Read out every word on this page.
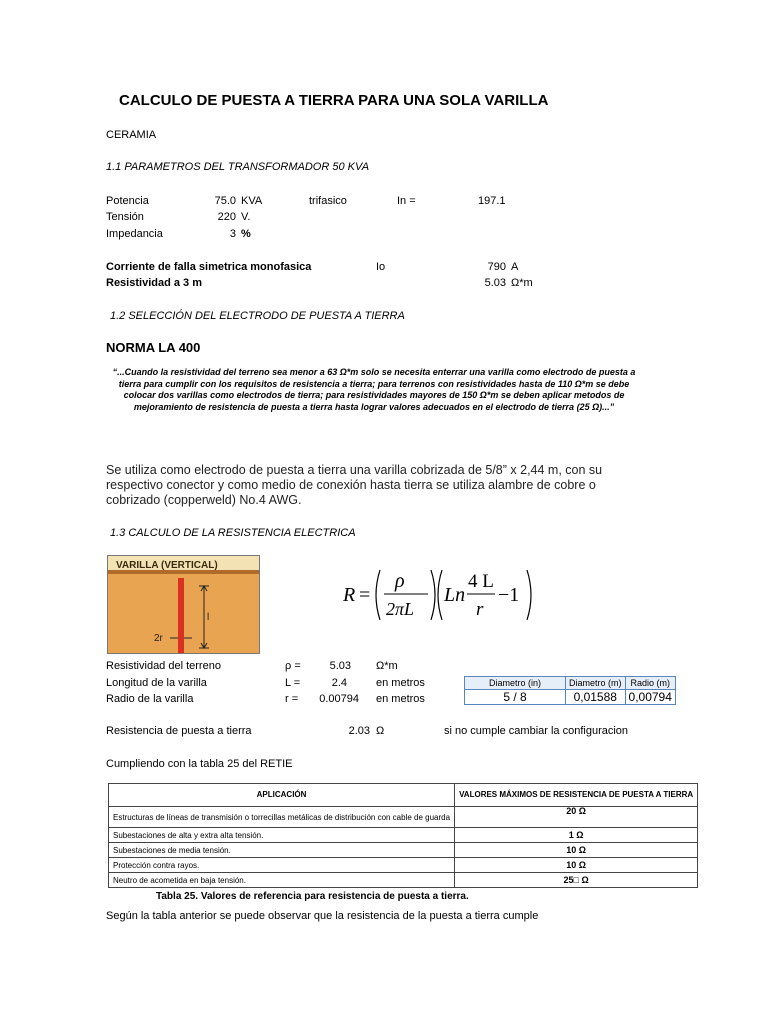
CALCULO DE PUESTA A TIERRA PARA UNA SOLA VARILLA
CERAMIA
1.1 PARAMETROS DEL TRANSFORMADOR 50 KVA
Potencia	75.0 KVA	trifasico	In =	197.1
Tensión	220 V.
Impedancia	3 %
Corriente de falla simetrica monofasica	Io	790 A
Resistividad a 3 m	5.03 Ω*m
1.2 SELECCIÓN DEL ELECTRODO DE PUESTA A TIERRA
NORMA LA 400
“...Cuando la resistividad del terreno sea menor a 63 Ω*m solo se necesita enterrar una varilla como electrodo de puesta a tierra para cumplir con los requisitos de resistencia a tierra; para terrenos con resistividades hasta de 110 Ω*m se debe colocar dos varillas como electrodos de tierra; para resistividades mayores de 150 Ω*m se deben aplicar metodos de mejoramiento de resistencia de puesta a tierra hasta lograr valores adecuados en el electrodo de tierra (25 Ω)...”
Se utiliza como electrodo de puesta a tierra una varilla cobrizada de 5/8” x 2,44 m, con su respectivo conector y como medio de conexión hasta tierra se utiliza alambre de cobre o cobrizado (copperweld) No.4 AWG.
1.3 CALCULO DE LA RESISTENCIA ELECTRICA
VARILLA (VERTICAL)
2r
l
R =
ρ
2πL
Ln
4 L
r
−1
Resistividad del terreno	ρ =	5.03 Ω*m
Longitud de la varilla	L =	2.4	en metros
Radio de la varilla	r =	0.00794 en metros
Diametro (in)	Diametro (m)	Radio (m)
5 / 8	0,01588	0,00794
Resistencia de puesta a tierra	2.03 Ω	si no cumple cambiar la configuracion
Cumpliendo con la tabla 25 del RETIE
APLICACIÓN	VALORES MÁXIMOS DE RESISTENCIA DE PUESTA A TIERRA
Estructuras de líneas de transmisión o torrecillas metálicas de distribución con cable de guarda	20 Ω
Subestaciones de alta y extra alta tensión.	1 Ω
Subestaciones de media tensión.	10 Ω
Protección contra rayos.	10 Ω
Neutro de acometida en baja tensión.	25□ Ω
Tabla 25. Valores de referencia para resistencia de puesta a tierra.
Según la tabla anterior se puede observar que la resistencia de la puesta a tierra cumple
